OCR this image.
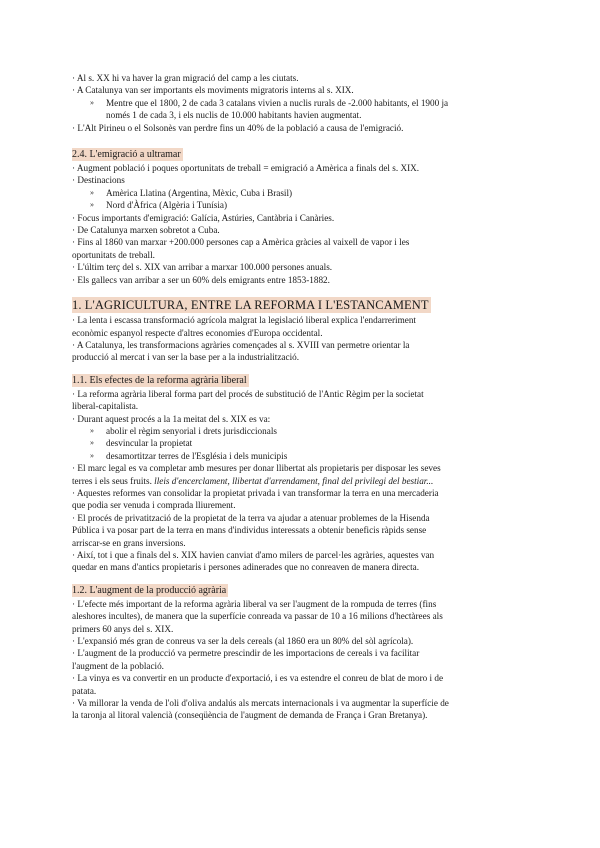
· Al s. XX hi va haver la gran migració del camp a les ciutats.

· A Catalunya van ser importants els moviments migratoris interns al s. XIX.

» Mentre que el 1800, 2 de cada 3 catalans vivien a nuclis rurals de -2.000 habitants, el 1900 ja
només 1 de cada 3, i els nuclis de 10.000 habitants havien augmentat.

· L'Alt Pirineu o el Solsonès van perdre fins un 40% de la població a causa de l'emigració.

2.4. L'emigració a ultramar

· Augment població i poques oportunitats de treball = emigració a Amèrica a finals del s. XIX.

· Destinacions

» Amèrica Llatina (Argentina, Mèxic, Cuba i Brasil)
» Nord d'Àfrica (Algèria i Tunísia)

· Focus importants d'emigració: Galícia, Astúries, Cantàbria i Canàries.

· De Catalunya marxen sobretot a Cuba.

· Fins al 1860 van marxar +200.000 persones cap a Amèrica gràcies al vaixell de vapor i les
oportunitats de treball.

· L'últim terç del s. XIX van arribar a marxar 100.000 persones anuals.

· Els gallecs van arribar a ser un 60% dels emigrants entre 1853-1882.

1. L'AGRICULTURA, ENTRE LA REFORMA I L'ESTANCAMENT

· La lenta i escassa transformació agrícola malgrat la legislació liberal explica l'endarreriment
econòmic espanyol respecte d'altres economies d'Europa occidental.

· A Catalunya, les transformacions agràries començades al s. XVIII van permetre orientar la
producció al mercat i van ser la base per a la industrialització.

1.1. Els efectes de la reforma agrària liberal

· La reforma agrària liberal forma part del procés de substitució de l'Antic Règim per la societat
liberal-capitalista.

· Durant aquest procés a la 1a meitat del s. XIX es va:

» abolir el règim senyorial i drets jurisdiccionals
» desvincular la propietat
» desamortitzar terres de l'Església i dels municipis

· El marc legal es va completar amb mesures per donar llibertat als propietaris per disposar les seves
terres i els seus fruits. lleis d'encerclament, llibertat d'arrendament, final del privilegi del bestiar...

· Aquestes reformes van consolidar la propietat privada i van transformar la terra en una mercaderia
que podia ser venuda i comprada lliurement.

· El procés de privatització de la propietat de la terra va ajudar a atenuar problemes de la Hisenda
Pública i va posar part de la terra en mans d'individus interessats a obtenir beneficis ràpids sense
arriscar-se en grans inversions.

· Així, tot i que a finals del s. XIX havien canviat d'amo milers de parcel·les agràries, aquestes van
quedar en mans d'antics propietaris i persones adinerades que no conreaven de manera directa.

1.2. L'augment de la producció agrària

· L'efecte més important de la reforma agrària liberal va ser l'augment de la rompuda de terres (fins
aleshores incultes), de manera que la superfície conreada va passar de 10 a 16 milions d'hectàrees als
primers 60 anys del s. XIX.

· L'expansió més gran de conreus va ser la dels cereals (al 1860 era un 80% del sòl agrícola).

· L'augment de la producció va permetre prescindir de les importacions de cereals i va facilitar
l'augment de la població.

· La vinya es va convertir en un producte d'exportació, i es va estendre el conreu de blat de moro i de
patata.

· Va millorar la venda de l'oli d'oliva andalús als mercats internacionals i va augmentar la superfície de
la taronja al litoral valencià (conseqüència de l'augment de demanda de França i Gran Bretanya).
